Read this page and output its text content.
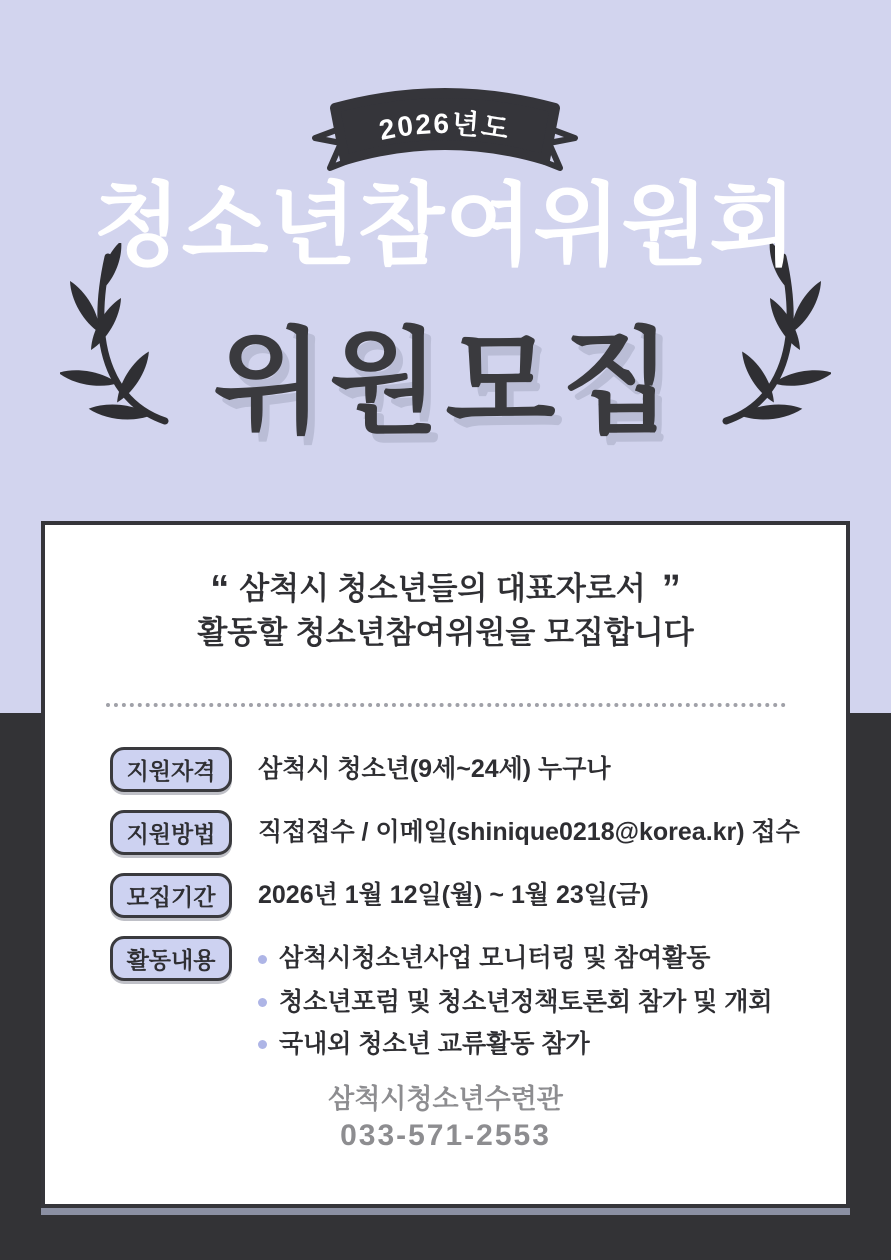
2026년도
청소년참여위원회 청소년참여위원회
위원모집
“ 삼척시 청소년들의 대표자로서 ”
활동할 청소년참여위원을 모집합니다
지원자격	삼척시 청소년(9세~24세) 누구나
지원방법	직접접수 / 이메일(shinique0218@korea.kr) 접수
모집기간	2026년 1월 12일(월) ~ 1월 23일(금)
활동내용	삼척시청소년사업 모니터링 및 참여활동
청소년포럼 및 청소년정책토론회 참가 및 개회
국내외 청소년 교류활동 참가
삼척시청소년수련관
033-571-2553
